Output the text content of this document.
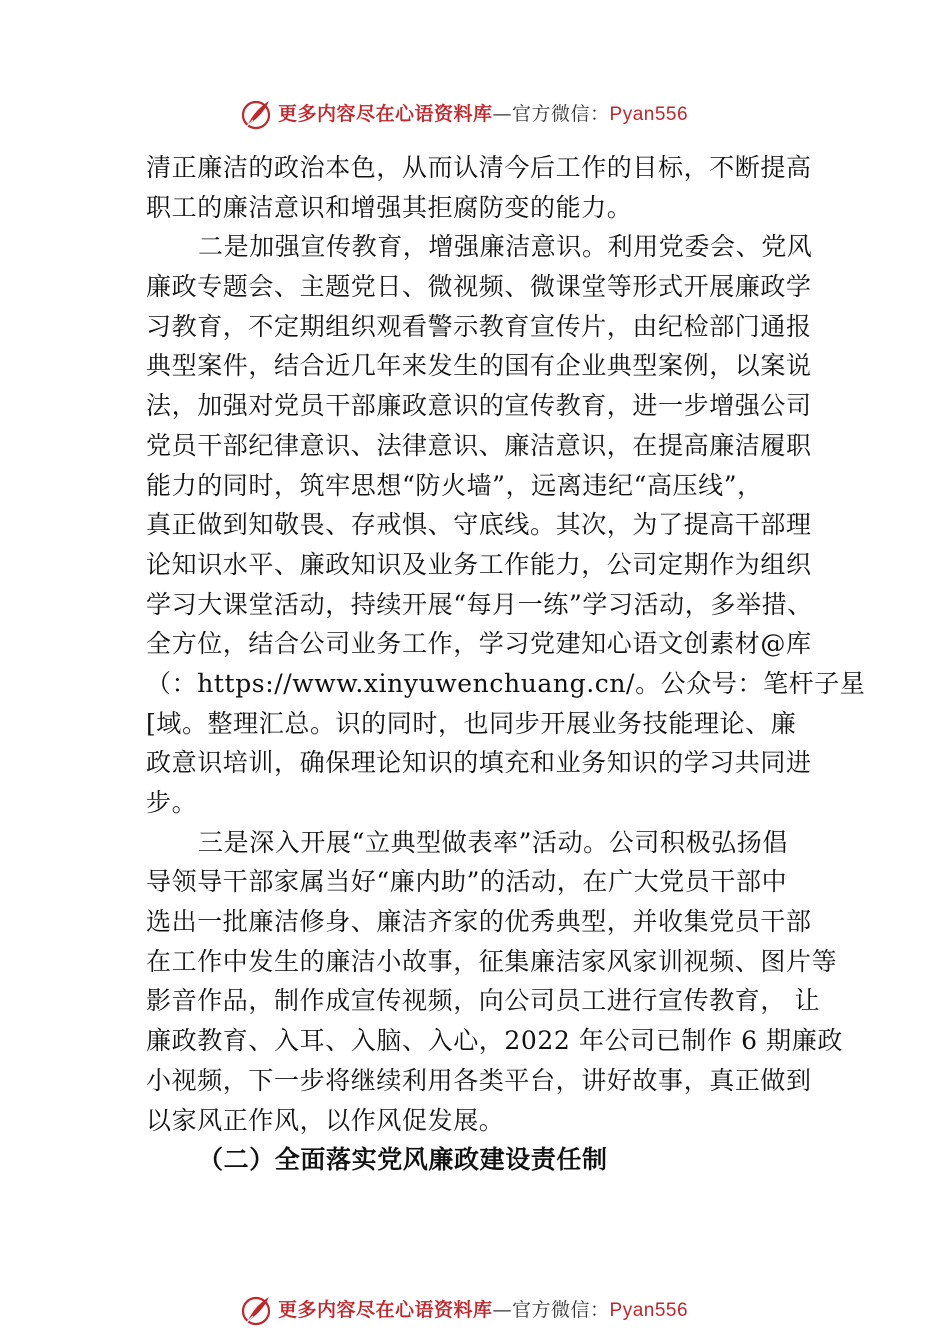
更多内容尽在心语资料库—官方微信：Pyan556
清正廉洁的政治本色，从而认清今后工作的目标，不断提高
职工的廉洁意识和增强其拒腐防变的能力。
二是加强宣传教育，增强廉洁意识。利用党委会、党风
廉政专题会、主题党日、微视频、微课堂等形式开展廉政学
习教育，不定期组织观看警示教育宣传片，由纪检部门通报
典型案件，结合近几年来发生的国有企业典型案例，以案说
法，加强对党员干部廉政意识的宣传教育，进一步增强公司
党员干部纪律意识、法律意识、廉洁意识，在提高廉洁履职
能力的同时，筑牢思想“防火墙”，远离违纪“高压线”，
真正做到知敬畏、存戒惧、守底线。其次，为了提高干部理
论知识水平、廉政知识及业务工作能力，公司定期作为组织
学习大课堂活动，持续开展“每月一练”学习活动，多举措、
全方位，结合公司业务工作，学习党建知心语文创素材@库
（：https://www.xinyuwenchuang.cn/。公众号：笔杆子星
[域。整理汇总。识的同时，也同步开展业务技能理论、廉
政意识培训，确保理论知识的填充和业务知识的学习共同进
步。
三是深入开展“立典型做表率”活动。公司积极弘扬倡
导领导干部家属当好“廉内助”的活动，在广大党员干部中
选出一批廉洁修身、廉洁齐家的优秀典型，并收集党员干部
在工作中发生的廉洁小故事，征集廉洁家风家训视频、图片等
影音作品，制作成宣传视频，向公司员工进行宣传教育， 让
廉政教育、入耳、入脑、入心，2022 年公司已制作 6 期廉政
小视频，下一步将继续利用各类平台，讲好故事，真正做到
以家风正作风，以作风促发展。
（二）全面落实党风廉政建设责任制
更多内容尽在心语资料库—官方微信：Pyan556
